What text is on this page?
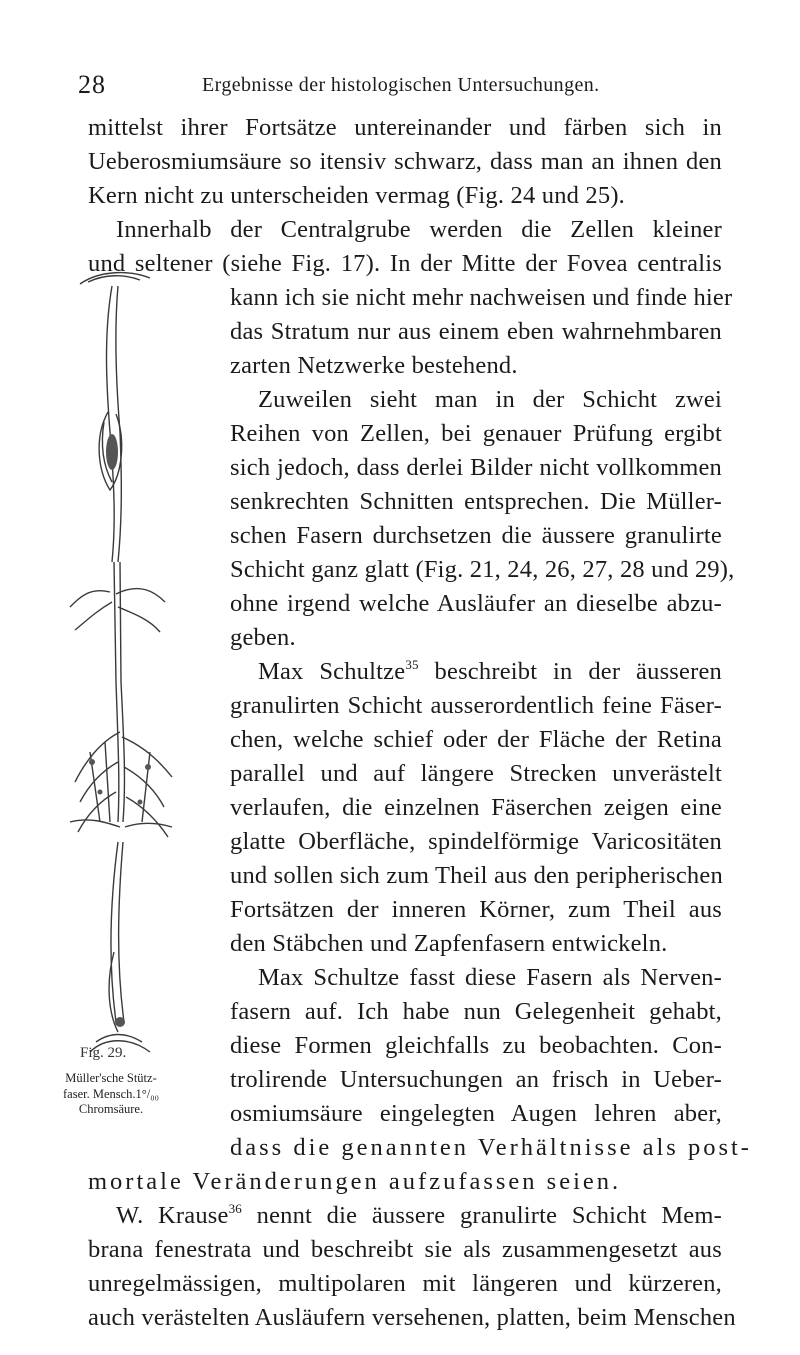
28	Ergebnisse der histologischen Untersuchungen.
mittelst ihrer Fortsätze untereinander und färben sich in
Ueberosmiumsäure so itensiv schwarz, dass man an ihnen den
Kern nicht zu unterscheiden vermag (Fig. 24 und 25).
Innerhalb der Centralgrube werden die Zellen kleiner
und seltener (siehe Fig. 17). In der Mitte der Fovea centralis
kann ich sie nicht mehr nachweisen und finde hier
das Stratum nur aus einem eben wahrnehmbaren
zarten Netzwerke bestehend.
Zuweilen sieht man in der Schicht zwei
Reihen von Zellen, bei genauer Prüfung ergibt
sich jedoch, dass derlei Bilder nicht vollkommen
senkrechten Schnitten entsprechen. Die Müller-
schen Fasern durchsetzen die äussere granulirte
Schicht ganz glatt (Fig. 21, 24, 26, 27, 28 und 29),
ohne irgend welche Ausläufer an dieselbe abzu-
geben.
Max Schultze$^{35}$ beschreibt in der äusseren
granulirten Schicht ausserordentlich feine Fäser-
chen, welche schief oder der Fläche der Retina
parallel und auf längere Strecken unverästelt
verlaufen, die einzelnen Fäserchen zeigen eine
glatte Oberfläche, spindelförmige Varicositäten
und sollen sich zum Theil aus den peripherischen
Fortsätzen der inneren Körner, zum Theil aus
den Stäbchen und Zapfenfasern entwickeln.
Max Schultze fasst diese Fasern als Nerven-
fasern auf. Ich habe nun Gelegenheit gehabt,
diese Formen gleichfalls zu beobachten. Con-
trolirende Untersuchungen an frisch in Ueber-
osmiumsäure eingelegten Augen lehren aber,
dass die genannten Verhältnisse als post-
mortale Veränderungen aufzufassen seien.
W. Krause$^{36}$ nennt die äussere granulirte Schicht Mem-
brana fenestrata und beschreibt sie als zusammengesetzt aus
unregelmässigen, multipolaren mit längeren und kürzeren,
auch verästelten Ausläufern versehenen, platten, beim Menschen
Fig. 29.
Müller'sche Stütz-
faser. Mensch.1°/₀₀
Chromsäure.
